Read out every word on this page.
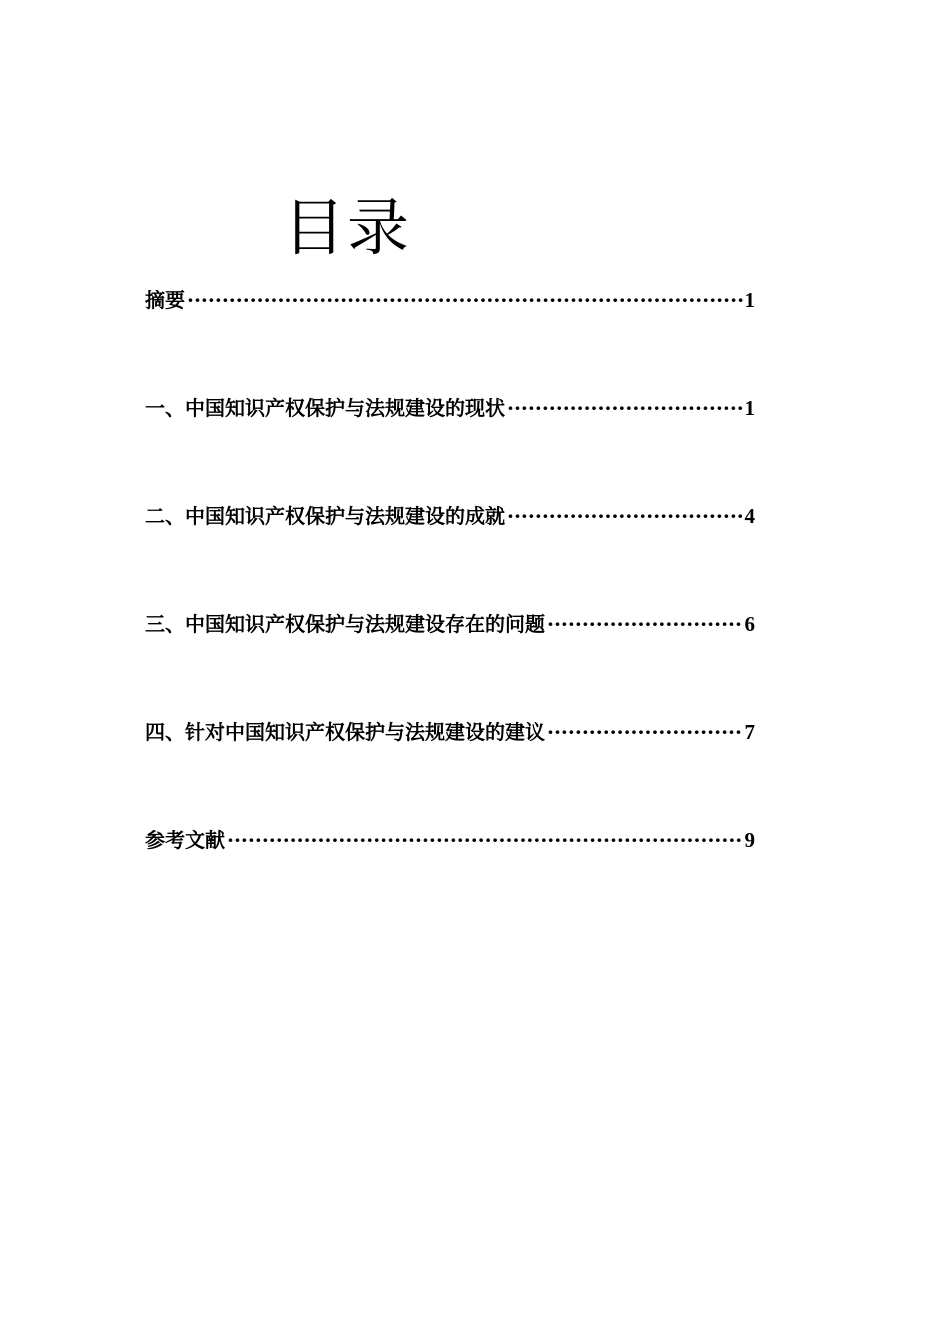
目录
摘要 ·····	1
一、中国知识产权保护与法规建设的现状 ·····	1
二、中国知识产权保护与法规建设的成就 ·····	4
三、中国知识产权保护与法规建设存在的问题 ·····	6
四、针对中国知识产权保护与法规建设的建议 ·····	7
参考文献 ·····	9
